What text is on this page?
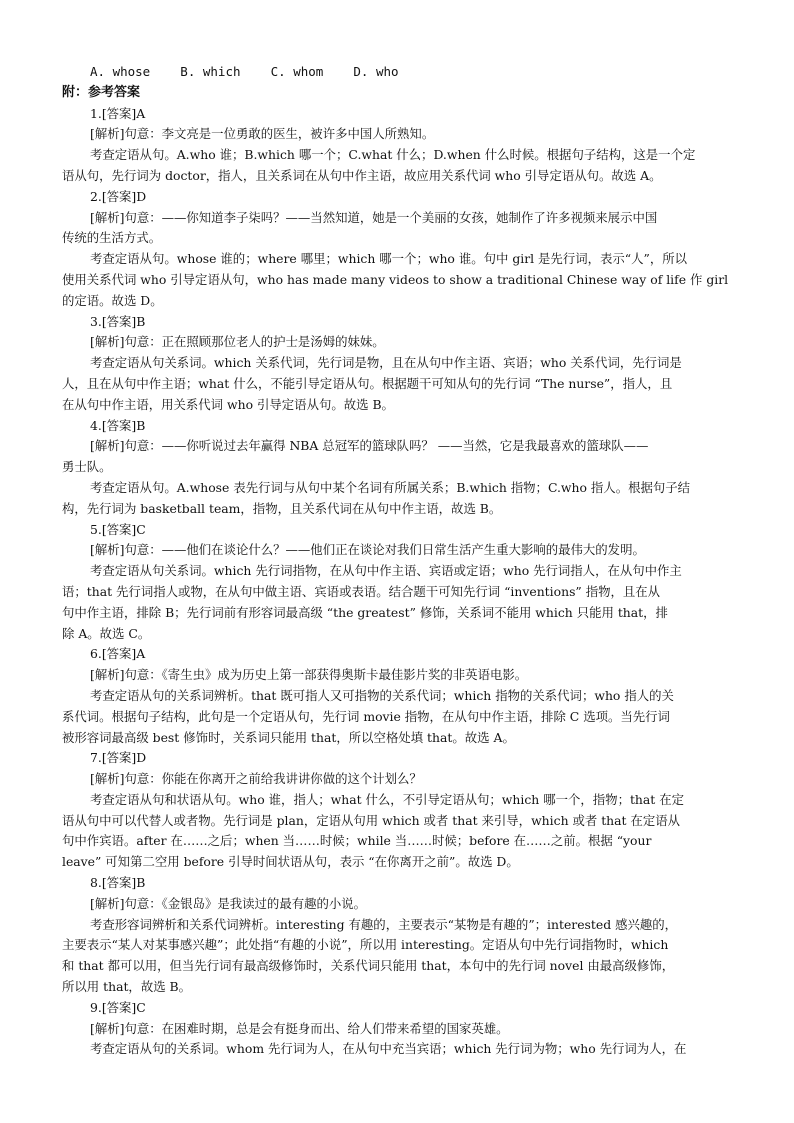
A. whose    B. which    C. whom    D. who
附：参考答案
1.[答案]A
[解析]句意：李文亮是一位勇敢的医生，被许多中国人所熟知。
考查定语从句。A.who 谁；B.which 哪一个；C.what 什么；D.when 什么时候。根据句子结构，这是一个定
语从句，先行词为 doctor，指人，且关系词在从句中作主语，故应用关系代词 who 引导定语从句。故选 A。
2.[答案]D
[解析]句意：——你知道李子柒吗？——当然知道，她是一个美丽的女孩，她制作了许多视频来展示中国
传统的生活方式。
考查定语从句。whose 谁的；where 哪里；which 哪一个；who 谁。句中 girl 是先行词，表示“人”，所以
使用关系代词 who 引导定语从句，who has made many videos to show a traditional Chinese way of life 作 girl
的定语。故选 D。
3.[答案]B
[解析]句意：正在照顾那位老人的护士是汤姆的妹妹。
考查定语从句关系词。which 关系代词，先行词是物，且在从句中作主语、宾语；who 关系代词，先行词是
人，且在从句中作主语；what 什么，不能引导定语从句。根据题干可知从句的先行词 “The nurse”，指人，且
在从句中作主语，用关系代词 who 引导定语从句。故选 B。
4.[答案]B
[解析]句意：——你听说过去年赢得 NBA 总冠军的篮球队吗？ ——当然，它是我最喜欢的篮球队——
勇士队。
考查定语从句。A.whose 表先行词与从句中某个名词有所属关系；B.which 指物；C.who 指人。根据句子结
构，先行词为 basketball team，指物，且关系代词在从句中作主语，故选 B。
5.[答案]C
[解析]句意：——他们在谈论什么？——他们正在谈论对我们日常生活产生重大影响的最伟大的发明。
考查定语从句关系词。which 先行词指物，在从句中作主语、宾语或定语；who 先行词指人，在从句中作主
语；that 先行词指人或物，在从句中做主语、宾语或表语。结合题干可知先行词 “inventions” 指物，且在从
句中作主语，排除 B；先行词前有形容词最高级 “the greatest” 修饰，关系词不能用 which 只能用 that，排
除 A。故选 C。
6.[答案]A
[解析]句意：《寄生虫》成为历史上第一部获得奥斯卡最佳影片奖的非英语电影。
考查定语从句的关系词辨析。that 既可指人又可指物的关系代词；which 指物的关系代词；who 指人的关
系代词。根据句子结构，此句是一个定语从句，先行词 movie 指物，在从句中作主语，排除 C 选项。当先行词
被形容词最高级 best 修饰时，关系词只能用 that，所以空格处填 that。故选 A。
7.[答案]D
[解析]句意：你能在你离开之前给我讲讲你做的这个计划么？
考查定语从句和状语从句。who 谁，指人；what 什么，不引导定语从句；which 哪一个，指物；that 在定
语从句中可以代替人或者物。先行词是 plan，定语从句用 which 或者 that 来引导，which 或者 that 在定语从
句中作宾语。after 在……之后；when 当……时候；while 当……时候；before 在……之前。根据 “your
leave” 可知第二空用 before 引导时间状语从句，表示 “在你离开之前”。故选 D。
8.[答案]B
[解析]句意：《金银岛》是我读过的最有趣的小说。
考查形容词辨析和关系代词辨析。interesting 有趣的，主要表示“某物是有趣的”；interested 感兴趣的，
主要表示“某人对某事感兴趣”；此处指“有趣的小说”，所以用 interesting。定语从句中先行词指物时，which
和 that 都可以用，但当先行词有最高级修饰时，关系代词只能用 that，本句中的先行词 novel 由最高级修饰，
所以用 that，故选 B。
9.[答案]C
[解析]句意：在困难时期，总是会有挺身而出、给人们带来希望的国家英雄。
考查定语从句的关系词。whom 先行词为人，在从句中充当宾语；which 先行词为物；who 先行词为人，在
